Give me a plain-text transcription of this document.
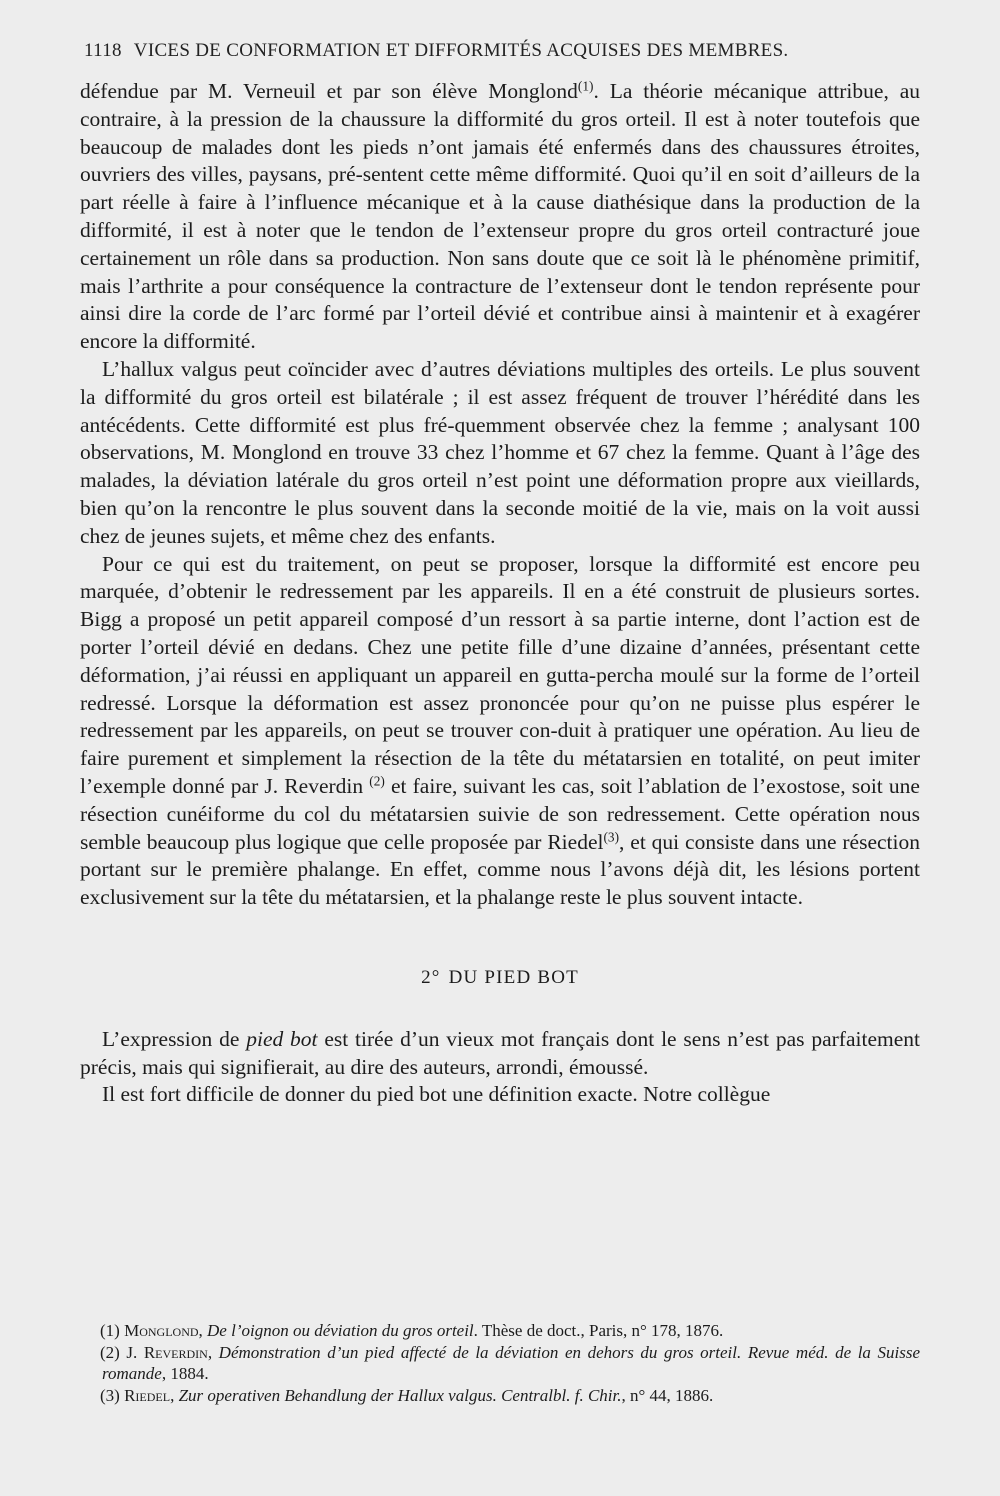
1118 VICES DE CONFORMATION ET DIFFORMITÉS ACQUISES DES MEMBRES.

défendue par M. Verneuil et par son élève Monglond$^{(1)}$. La théorie mécanique attribue, au contraire, à la pression de la chaussure la difformité du gros orteil. Il est à noter toutefois que beaucoup de malades dont les pieds n’ont jamais été enfermés dans des chaussures étroites, ouvriers des villes, paysans, pré-sentent cette même difformité. Quoi qu’il en soit d’ailleurs de la part réelle à faire à l’influence mécanique et à la cause diathésique dans la production de la difformité, il est à noter que le tendon de l’extenseur propre du gros orteil contracturé joue certainement un rôle dans sa production. Non sans doute que ce soit là le phénomène primitif, mais l’arthrite a pour conséquence la contracture de l’extenseur dont le tendon représente pour ainsi dire la corde de l’arc formé par l’orteil dévié et contribue ainsi à maintenir et à exagérer encore la difformité.

L’hallux valgus peut coïncider avec d’autres déviations multiples des orteils. Le plus souvent la difformité du gros orteil est bilatérale ; il est assez fréquent de trouver l’hérédité dans les antécédents. Cette difformité est plus fré-quemment observée chez la femme ; analysant 100 observations, M. Monglond en trouve 33 chez l’homme et 67 chez la femme. Quant à l’âge des malades, la déviation latérale du gros orteil n’est point une déformation propre aux vieillards, bien qu’on la rencontre le plus souvent dans la seconde moitié de la vie, mais on la voit aussi chez de jeunes sujets, et même chez des enfants.

Pour ce qui est du traitement, on peut se proposer, lorsque la difformité est encore peu marquée, d’obtenir le redressement par les appareils. Il en a été construit de plusieurs sortes. Bigg a proposé un petit appareil composé d’un ressort à sa partie interne, dont l’action est de porter l’orteil dévié en dedans. Chez une petite fille d’une dizaine d’années, présentant cette déformation, j’ai réussi en appliquant un appareil en gutta-percha moulé sur la forme de l’orteil redressé. Lorsque la déformation est assez prononcée pour qu’on ne puisse plus espérer le redressement par les appareils, on peut se trouver con-duit à pratiquer une opération. Au lieu de faire purement et simplement la résection de la tête du métatarsien en totalité, on peut imiter l’exemple donné par J. Reverdin $^{(2)}$ et faire, suivant les cas, soit l’ablation de l’exostose, soit une résection cunéiforme du col du métatarsien suivie de son redressement. Cette opération nous semble beaucoup plus logique que celle proposée par Riedel$^{(3)}$, et qui consiste dans une résection portant sur le première phalange. En effet, comme nous l’avons déjà dit, les lésions portent exclusivement sur la tête du métatarsien, et la phalange reste le plus souvent intacte.

2° DU PIED BOT

L’expression de pied bot est tirée d’un vieux mot français dont le sens n’est pas parfaitement précis, mais qui signifierait, au dire des auteurs, arrondi, émoussé.

Il est fort difficile de donner du pied bot une définition exacte. Notre collègue

(1) Monglond, De l’oignon ou déviation du gros orteil. Thèse de doct., Paris, n° 178, 1876.

(2) J. Reverdin, Démonstration d’un pied affecté de la déviation en dehors du gros orteil. Revue méd. de la Suisse romande, 1884.

(3) Riedel, Zur operativen Behandlung der Hallux valgus. Centralbl. f. Chir., n° 44, 1886.
